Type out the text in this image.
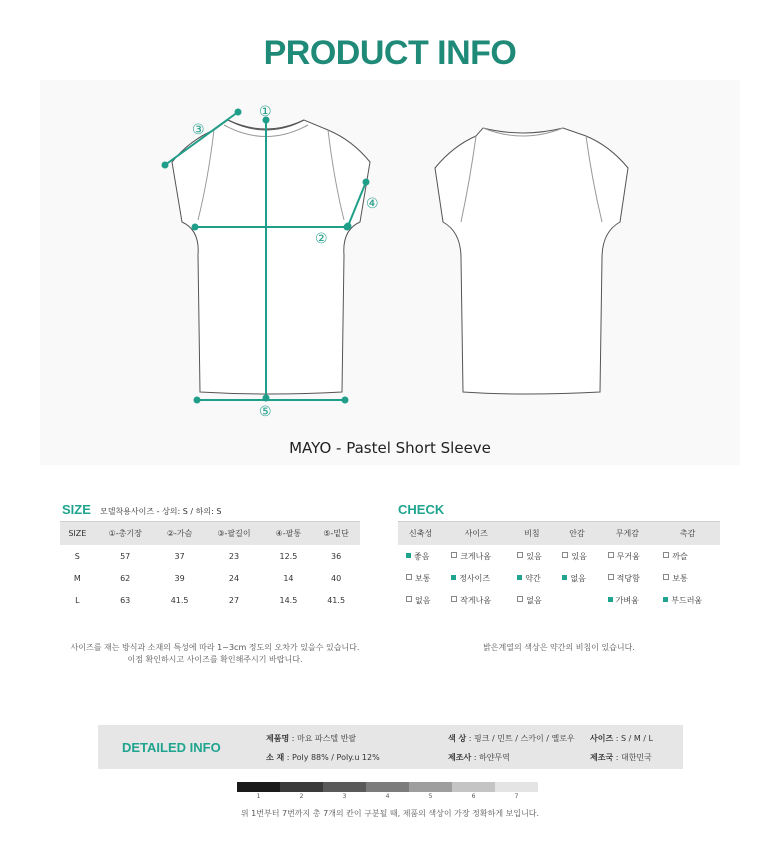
PRODUCT INFO
①
②
③
④
⑤
MAYO - Pastel Short Sleeve
SIZE 모델착용사이즈 - 상의: S / 하의: S
SIZE	①-총기장	②-가슴	③-팔길이	④-팔통	⑤-밑단
S	57	37	23	12.5	36
M	62	39	24	14	40
L	63	41.5	27	14.5	41.5
CHECK
신축성	사이즈	비침	안감	무게감	촉감
좋음	크게나옴	있음	있음	무거움	까슬
보통	정사이즈	약간	없음	적당함	보통
없음	작게나옴	없음		가벼움	부드러움
사이즈를 재는 방식과 소재의 특성에 따라 1~3cm 정도의 오차가 있을수 있습니다.
이점 확인하시고 사이즈를 확인해주시기 바랍니다.
밝은계열의 색상은 약간의 비침이 있습니다.
DETAILED INFO
제품명 : 마요 파스텔 반팔
소 재 : Poly 88% / Poly.u 12%
색 상 : 핑크 / 민트 / 스카이 / 옐로우
제조사 : 하얀무역
사이즈 : S / M / L
제조국 : 대한민국
1	2	3	4	5	6	7
위 1번부터 7번까지 총 7개의 칸이 구분될 때, 제품의 색상이 가장 정확하게 보입니다.
